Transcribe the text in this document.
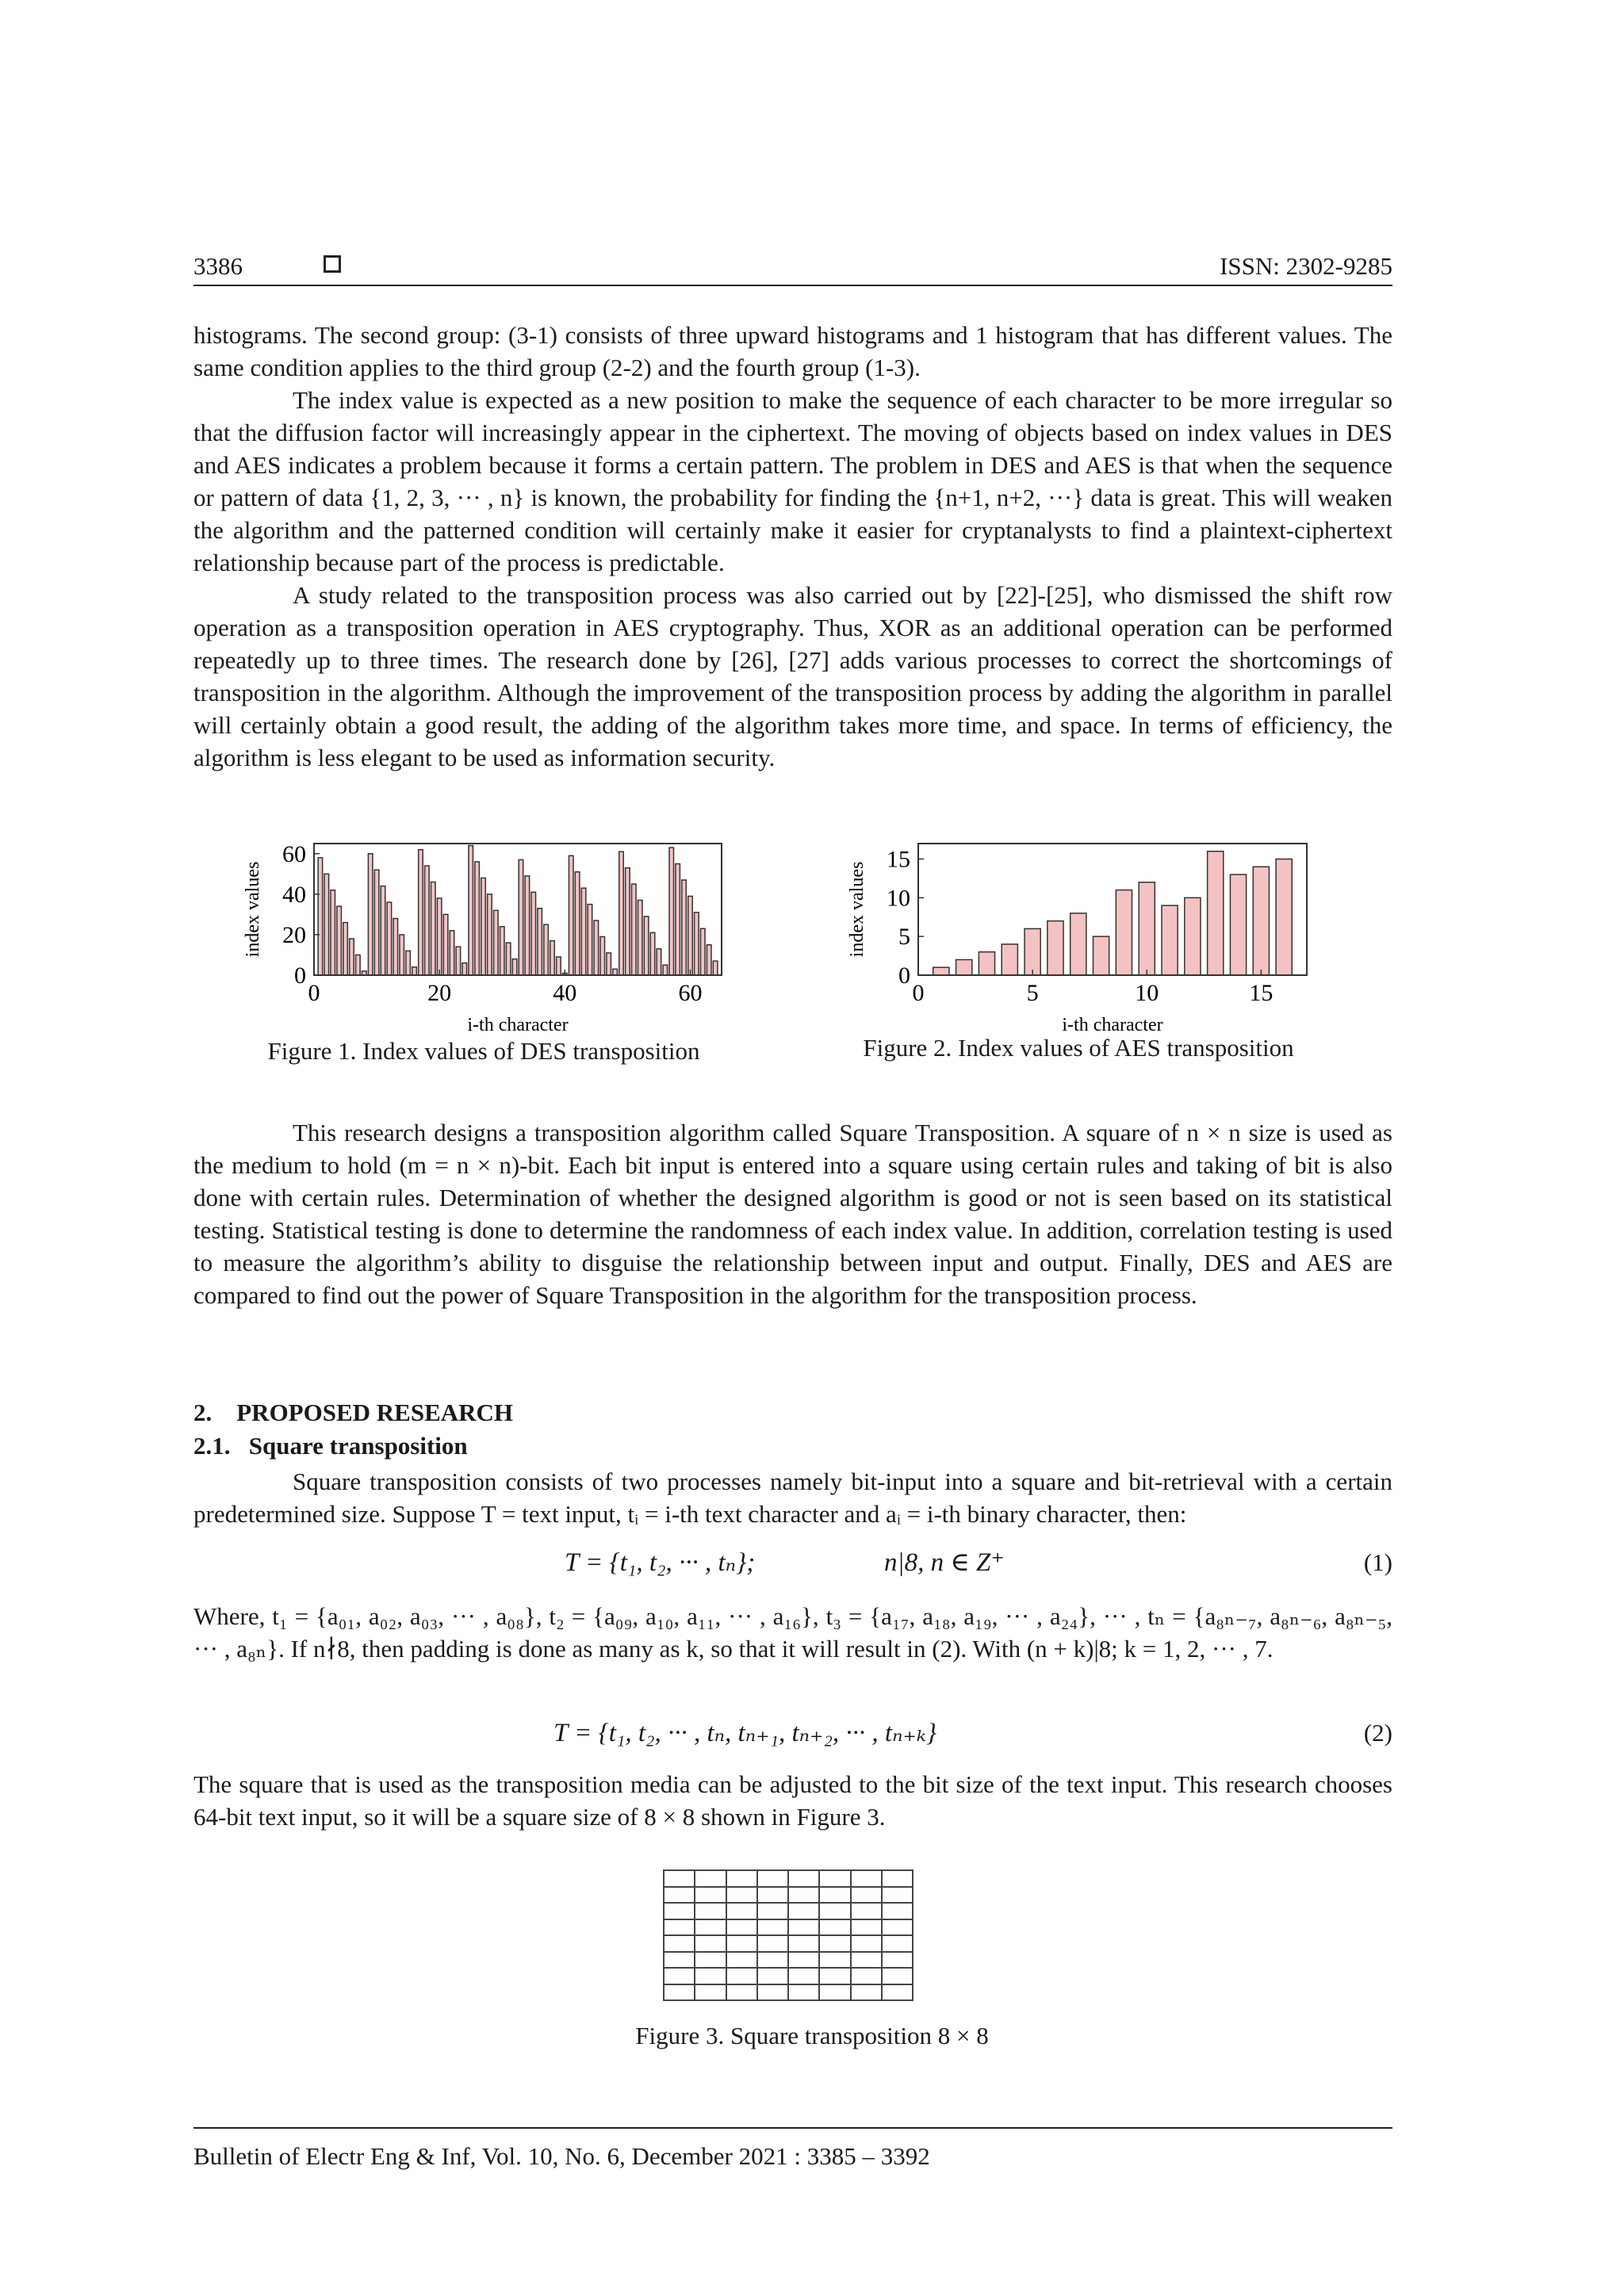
3386	ISSN: 2302-9285

histograms. The second group: (3-1) consists of three upward histograms and 1 histogram that has different values. The same condition applies to the third group (2-2) and the fourth group (1-3).

The index value is expected as a new position to make the sequence of each character to be more irregular so that the diffusion factor will increasingly appear in the ciphertext. The moving of objects based on index values in DES and AES indicates a problem because it forms a certain pattern. The problem in DES and AES is that when the sequence or pattern of data {1, 2, 3, ··· , n} is known, the probability for finding the {n+1, n+2, ···} data is great. This will weaken the algorithm and the patterned condition will certainly make it easier for cryptanalysts to find a plaintext-ciphertext relationship because part of the process is predictable.

A study related to the transposition process was also carried out by [22]-[25], who dismissed the shift row operation as a transposition operation in AES cryptography. Thus, XOR as an additional operation can be performed repeatedly up to three times. The research done by [26], [27] adds various processes to correct the shortcomings of transposition in the algorithm. Although the improvement of the transposition process by adding the algorithm in parallel will certainly obtain a good result, the adding of the algorithm takes more time, and space. In terms of efficiency, the algorithm is less elegant to be used as information security.

0	20	40	60
0
20
40
60
i-th character
index values
Figure 1. Index values of DES transposition
0	5	10	15
0
5
10
15
i-th character
index values
Figure 2. Index values of AES transposition

This research designs a transposition algorithm called Square Transposition. A square of n × n size is used as the medium to hold (m = n × n)-bit. Each bit input is entered into a square using certain rules and taking of bit is also done with certain rules. Determination of whether the designed algorithm is good or not is seen based on its statistical testing. Statistical testing is done to determine the randomness of each index value. In addition, correlation testing is used to measure the algorithm’s ability to disguise the relationship between input and output. Finally, DES and AES are compared to find out the power of Square Transposition in the algorithm for the transposition process.

2.    PROPOSED RESEARCH
2.1.   Square transposition

Square transposition consists of two processes namely bit-input into a square and bit-retrieval with a certain predetermined size. Suppose T = text input, tᵢ = i-th text character and aᵢ = i-th binary character, then:

T = {t₁, t₂, ··· , tₙ};	n|8, n ∈ Z⁺	(1)

Where, t₁ = {a₀₁, a₀₂, a₀₃, ··· , a₀₈}, t₂ = {a₀₉, a₁₀, a₁₁, ··· , a₁₆}, t₃ = {a₁₇, a₁₈, a₁₉, ··· , a₂₄}, ··· , tₙ = {a₈ₙ₋₇, a₈ₙ₋₆, a₈ₙ₋₅, ··· , a₈ₙ}. If n∤8, then padding is done as many as k, so that it will result in (2). With (n + k)|8; k = 1, 2, ··· , 7.

T = {t₁, t₂, ··· , tₙ, tₙ₊₁, tₙ₊₂, ··· , tₙ₊ₖ}	(2)

The square that is used as the transposition media can be adjusted to the bit size of the text input. This research chooses 64-bit text input, so it will be a square size of 8 × 8 shown in Figure 3.

Figure 3. Square transposition 8 × 8
Bulletin of Electr Eng & Inf, Vol. 10, No. 6, December 2021 : 3385 – 3392
